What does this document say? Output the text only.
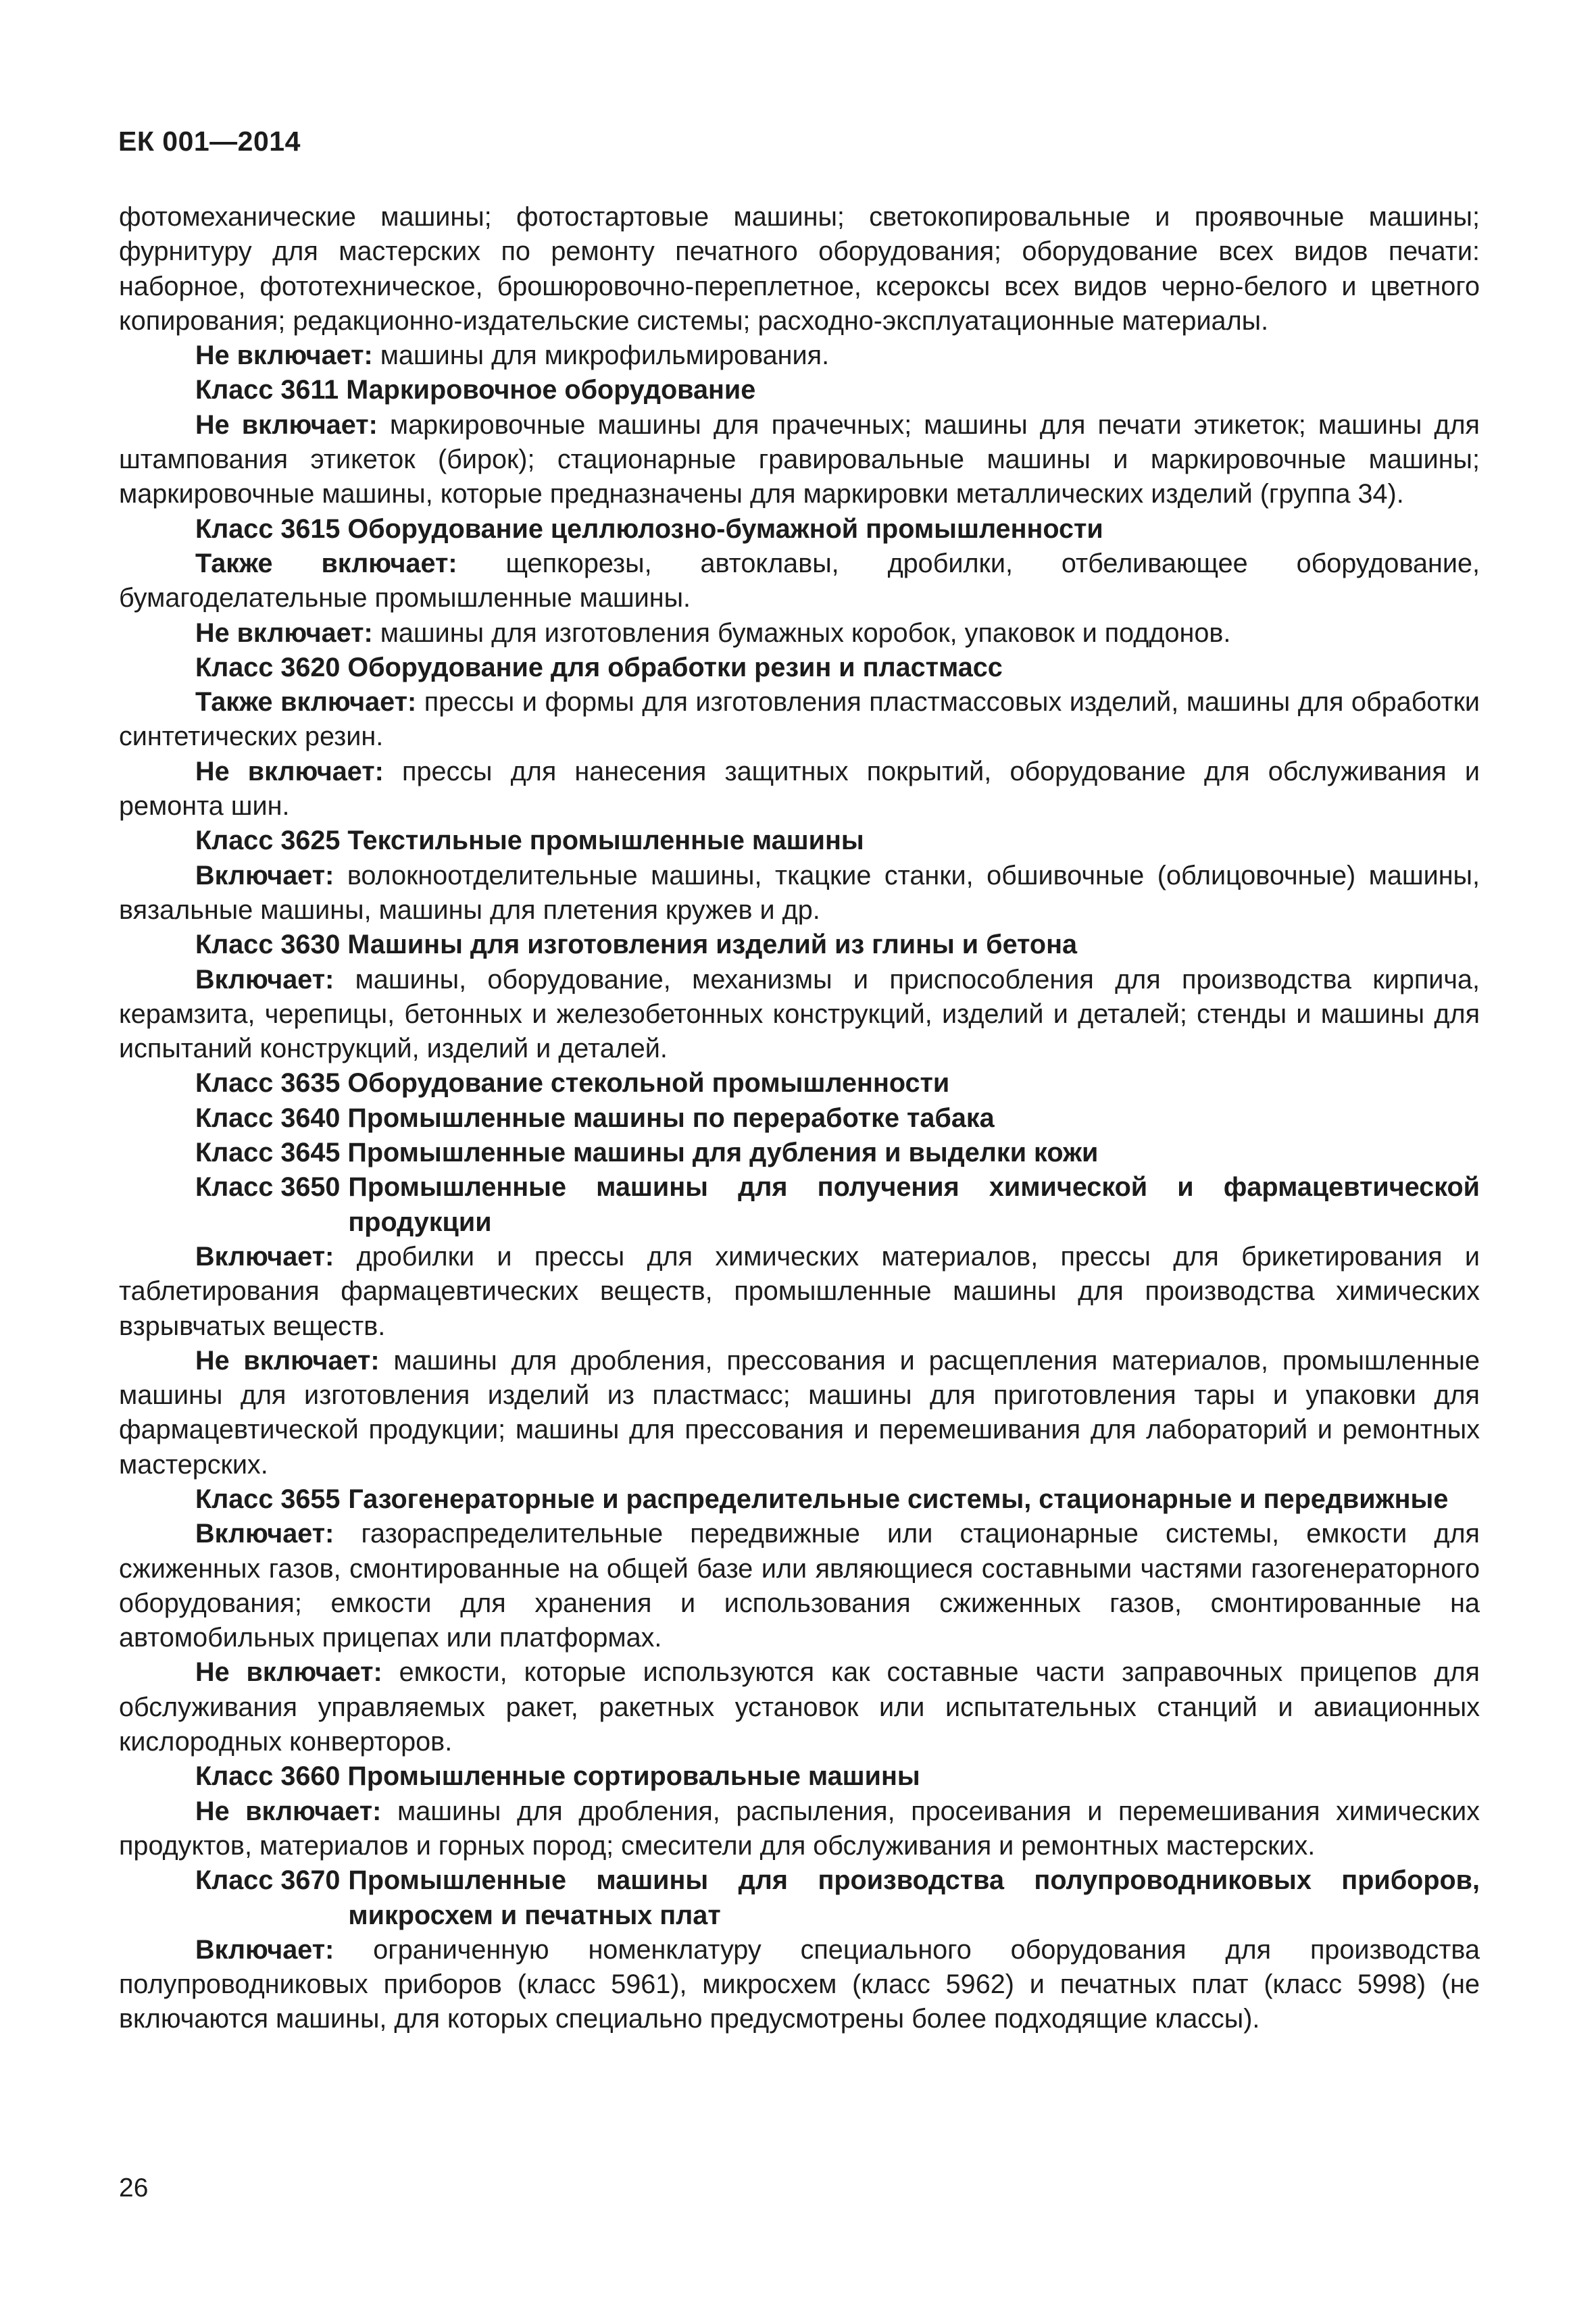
ЕК 001—2014

фотомеханические машины; фотостартовые машины; светокопировальные и проявочные машины; фурнитуру для мастерских по ремонту печатного оборудования; оборудование всех видов печати: наборное, фототехническое, брошюровочно-переплетное, ксероксы всех видов черно-белого и цветного копирования; редакционно-издательские системы; расходно-эксплуатационные материалы.

Не включает: машины для микрофильмирования.

Класс 3611 Маркировочное оборудование

Не включает: маркировочные машины для прачечных; машины для печати этикеток; машины для штампования этикеток (бирок); стационарные гравировальные машины и маркировочные машины; маркировочные машины, которые предназначены для маркировки металлических изделий (группа 34).

Класс 3615 Оборудование целлюлозно-бумажной промышленности

Также включает: щепкорезы, автоклавы, дробилки, отбеливающее оборудование, бумагоделательные промышленные машины.

Не включает: машины для изготовления бумажных коробок, упаковок и поддонов.

Класс 3620 Оборудование для обработки резин и пластмасс

Также включает: прессы и формы для изготовления пластмассовых изделий, машины для обработки синтетических резин.

Не включает: прессы для нанесения защитных покрытий, оборудование для обслуживания и ремонта шин.

Класс 3625 Текстильные промышленные машины

Включает: волокноотделительные машины, ткацкие станки, обшивочные (облицовочные) машины, вязальные машины, машины для плетения кружев и др.

Класс 3630 Машины для изготовления изделий из глины и бетона

Включает: машины, оборудование, механизмы и приспособления для производства кирпича, керамзита, черепицы, бетонных и железобетонных конструкций, изделий и деталей; стенды и машины для испытаний конструкций, изделий и деталей.

Класс 3635 Оборудование стекольной промышленности

Класс 3640 Промышленные машины по переработке табака

Класс 3645 Промышленные машины для дубления и выделки кожи

Класс 3650 Промышленные машины для получения химической и фармацевтической продукции

Включает: дробилки и прессы для химических материалов, прессы для брикетирования и таблетирования фармацевтических веществ, промышленные машины для производства химических взрывчатых веществ.

Не включает: машины для дробления, прессования и расщепления материалов, промышленные машины для изготовления изделий из пластмасс; машины для приготовления тары и упаковки для фармацевтической продукции; машины для прессования и перемешивания для лабораторий и ремонтных мастерских.

Класс 3655 Газогенераторные и распределительные системы, стационарные и передвижные

Включает: газораспределительные передвижные или стационарные системы, емкости для сжиженных газов, смонтированные на общей базе или являющиеся составными частями газогенераторного оборудования; емкости для хранения и использования сжиженных газов, смонтированные на автомобильных прицепах или платформах.

Не включает: емкости, которые используются как составные части заправочных прицепов для обслуживания управляемых ракет, ракетных установок или испытательных станций и авиационных кислородных конверторов.

Класс 3660 Промышленные сортировальные машины

Не включает: машины для дробления, распыления, просеивания и перемешивания химических продуктов, материалов и горных пород; смесители для обслуживания и ремонтных мастерских.

Класс 3670 Промышленные машины для производства полупроводниковых приборов, микросхем и печатных плат

Включает: ограниченную номенклатуру специального оборудования для производства полупроводниковых приборов (класс 5961), микросхем (класс 5962) и печатных плат (класс 5998) (не включаются машины, для которых специально предусмотрены более подходящие классы).

26
